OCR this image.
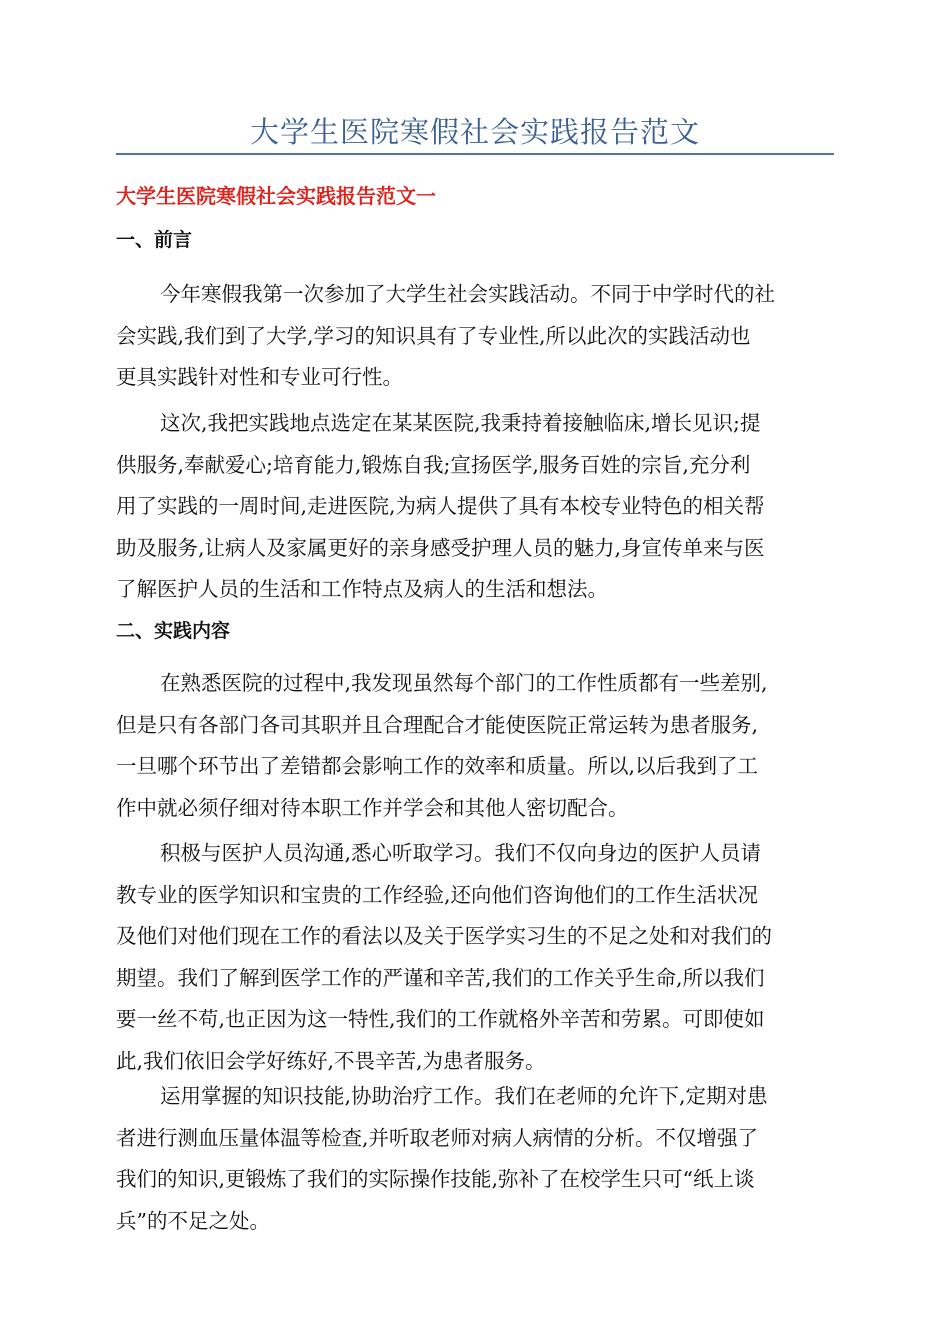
大学生医院寒假社会实践报告范文
大学生医院寒假社会实践报告范文一
一、前言
今年寒假我第一次参加了大学生社会实践活动。不同于中学时代的社
会实践,我们到了大学,学习的知识具有了专业性,所以此次的实践活动也
更具实践针对性和专业可行性。
这次,我把实践地点选定在某某医院,我秉持着接触临床,增长见识;提
供服务,奉献爱心;培育能力,锻炼自我;宣扬医学,服务百姓的宗旨,充分利
用了实践的一周时间,走进医院,为病人提供了具有本校专业特色的相关帮
助及服务,让病人及家属更好的亲身感受护理人员的魅力,身宣传单来与医
了解医护人员的生活和工作特点及病人的生活和想法。
二、实践内容
在熟悉医院的过程中,我发现虽然每个部门的工作性质都有一些差别,
但是只有各部门各司其职并且合理配合才能使医院正常运转为患者服务,
一旦哪个环节出了差错都会影响工作的效率和质量。所以,以后我到了工
作中就必须仔细对待本职工作并学会和其他人密切配合。
积极与医护人员沟通,悉心听取学习。我们不仅向身边的医护人员请
教专业的医学知识和宝贵的工作经验,还向他们咨询他们的工作生活状况
及他们对他们现在工作的看法以及关于医学实习生的不足之处和对我们的
期望。我们了解到医学工作的严谨和辛苦,我们的工作关乎生命,所以我们
要一丝不苟,也正因为这一特性,我们的工作就格外辛苦和劳累。可即使如
此,我们依旧会学好练好,不畏辛苦,为患者服务。
运用掌握的知识技能,协助治疗工作。我们在老师的允许下,定期对患
者进行测血压量体温等检查,并听取老师对病人病情的分析。不仅增强了
我们的知识,更锻炼了我们的实际操作技能,弥补了在校学生只可“纸上谈
兵”的不足之处。
